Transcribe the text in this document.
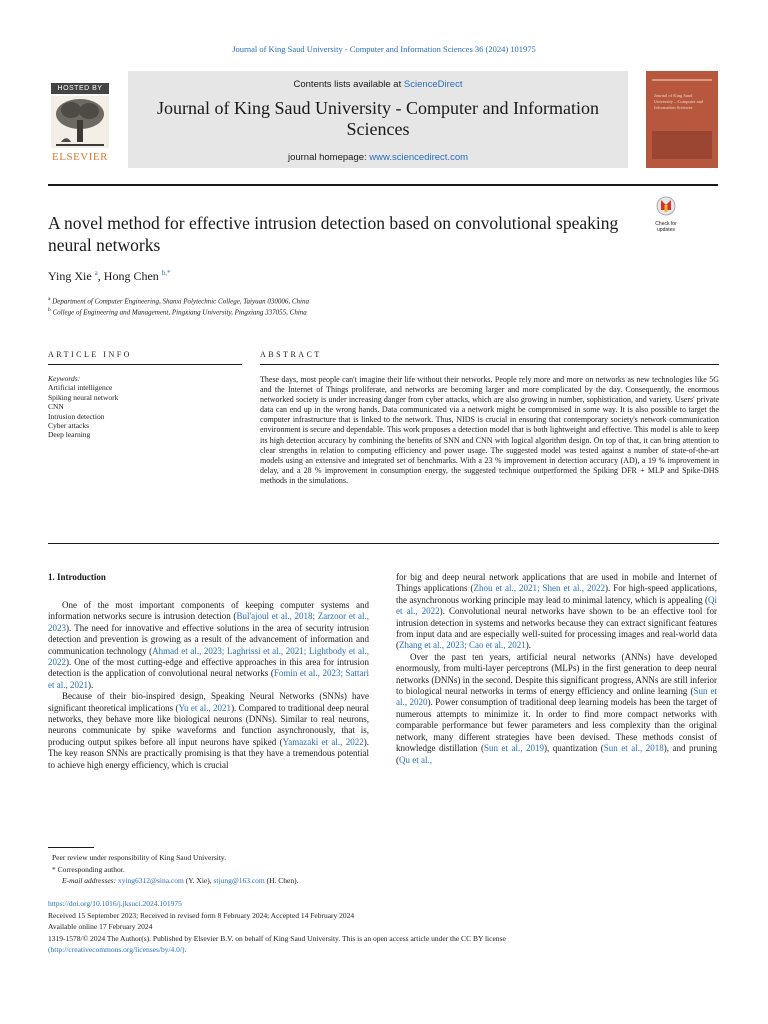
Journal of King Saud University - Computer and Information Sciences 36 (2024) 101975
HOSTED BY
ELSEVIER
Contents lists available at ScienceDirect
Journal of King Saud University - Computer and Information Sciences
journal homepage: www.sciencedirect.com
Journal of King Saud University – Computer and Information Sciences
Check for updates
A novel method for effective intrusion detection based on convolutional speaking neural networks
Ying Xie $^a$, Hong Chen $^{b,*}$
$^a$ Department of Computer Engineering, Shanxi Polytechnic College, Taiyuan 030006, China
$^b$ College of Engineering and Management, Pingxiang University, Pingxiang 337055, China
ARTICLE INFO	ABSTRACT
Keywords:
Artificial intelligence
Spiking neural network
CNN
Intrusion detection
Cyber attacks
Deep learning
These days, most people can't imagine their life without their networks. People rely more and more on networks as new technologies like 5G and the Internet of Things proliferate, and networks are becoming larger and more complicated by the day. Consequently, the enormous networked society is under increasing danger from cyber attacks, which are also growing in number, sophistication, and variety. Users' private data can end up in the wrong hands. Data communicated via a network might be compromised in some way. It is also possible to target the computer infrastructure that is linked to the network. Thus, NIDS is crucial in ensuring that contemporary society's network communication environment is secure and dependable. This work proposes a detection model that is both lightweight and effective. This model is able to keep its high detection accuracy by combining the benefits of SNN and CNN with logical algorithm design. On top of that, it can bring attention to clear strengths in relation to computing efficiency and power usage. The suggested model was tested against a number of state-of-the-art models using an extensive and integrated set of benchmarks. With a 23 % improvement in detection accuracy (AD), a 19 % improvement in delay, and a 28 % improvement in consumption energy, the suggested technique outperformed the Spiking DFR + MLP and Spike-DHS methods in the simulations.
1. Introduction

One of the most important components of keeping computer systems and information networks secure is intrusion detection (Bul'ajoul et al., 2018; Zarzoor et al., 2023). The need for innovative and effective solutions in the area of security intrusion detection and prevention is growing as a result of the advancement of information and communication technology (Ahmad et al., 2023; Laghrissi et al., 2021; Lightbody et al., 2022). One of the most cutting-edge and effective approaches in this area for intrusion detection is the application of convolutional neural networks (Fomin et al., 2023; Sattari et al., 2021).

Because of their bio-inspired design, Speaking Neural Networks (SNNs) have significant theoretical implications (Yu et al., 2021). Compared to traditional deep neural networks, they behave more like biological neurons (DNNs). Similar to real neurons, neurons communicate by spike waveforms and function asynchronously, that is, producing output spikes before all input neurons have spiked (Yamazaki et al., 2022). The key reason SNNs are practically promising is that they have a tremendous potential to achieve high energy efficiency, which is crucial

for big and deep neural network applications that are used in mobile and Internet of Things applications (Zhou et al., 2021; Shen et al., 2022). For high-speed applications, the asynchronous working principle may lead to minimal latency, which is appealing (Qi et al., 2022). Convolutional neural networks have shown to be an effective tool for intrusion detection in systems and networks because they can extract significant features from input data and are especially well-suited for processing images and real-world data (Zhang et al., 2023; Cao et al., 2021).

Over the past ten years, artificial neural networks (ANNs) have developed enormously, from multi-layer perceptrons (MLPs) in the first generation to deep neural networks (DNNs) in the second. Despite this significant progress, ANNs are still inferior to biological neural networks in terms of energy efficiency and online learning (Sun et al., 2020). Power consumption of traditional deep learning models has been the target of numerous attempts to minimize it. In order to find more compact networks with comparable performance but fewer parameters and less complexity than the original network, many different strategies have been devised. These methods consist of knowledge distillation (Sun et al., 2019), quantization (Sun et al., 2018), and pruning (Qu et al.,

Peer review under responsibility of King Saud University.
* Corresponding author.
E-mail addresses: xying6312@sina.com (Y. Xie), stjung@163.com (H. Chen).
https://doi.org/10.1016/j.jksuci.2024.101975
Received 15 September 2023; Received in revised form 8 February 2024; Accepted 14 February 2024
Available online 17 February 2024
1319-1578/© 2024 The Author(s). Published by Elsevier B.V. on behalf of King Saud University. This is an open access article under the CC BY license
(http://creativecommons.org/licenses/by/4.0/).
